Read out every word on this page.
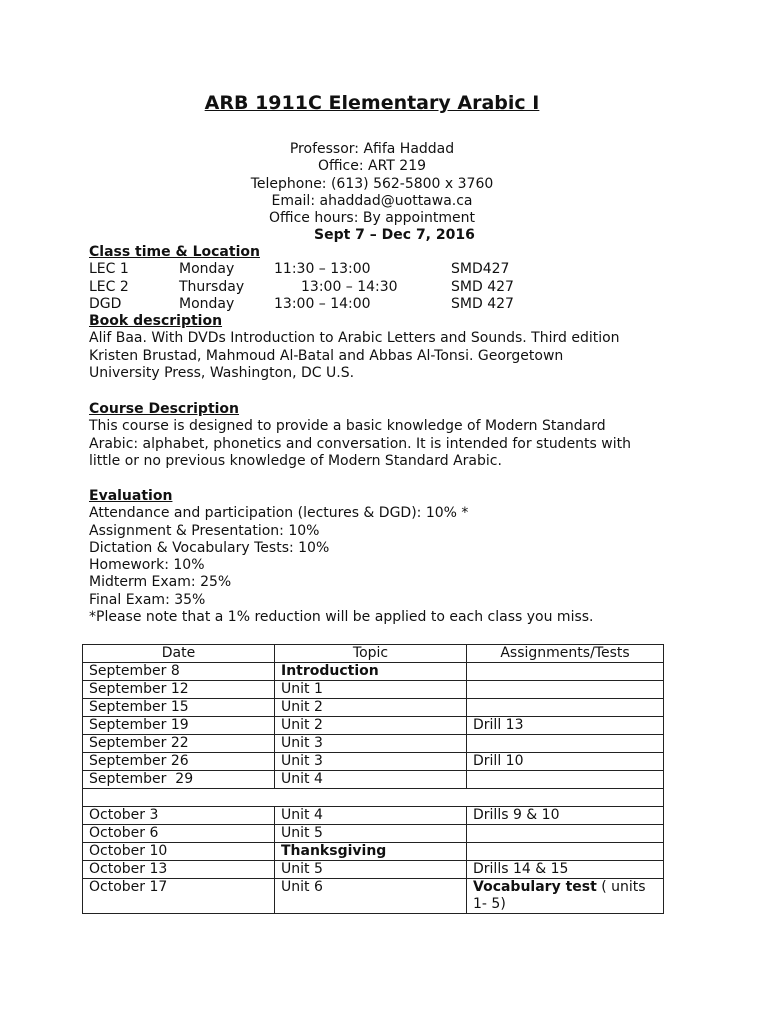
ARB 1911C Elementary Arabic I
Professor: Afifa Haddad
Office: ART 219
Telephone: (613) 562-5800 x 3760
Email: ahaddad@uottawa.ca
Office hours: By appointment
Sept 7 – Dec 7, 2016
Class time & Location
LEC 1	Monday	11:30 – 13:00	SMD427
LEC 2	Thursday	13:00 – 14:30	SMD 427
DGD	Monday	13:00 – 14:00	SMD 427
Book description
Alif Baa. With DVDs Introduction to Arabic Letters and Sounds. Third edition
Kristen Brustad, Mahmoud Al-Batal and Abbas Al-Tonsi. Georgetown
University Press, Washington, DC U.S.
Course Description
This course is designed to provide a basic knowledge of Modern Standard
Arabic: alphabet, phonetics and conversation. It is intended for students with
little or no previous knowledge of Modern Standard Arabic.
Evaluation
Attendance and participation (lectures & DGD): 10% *
Assignment & Presentation: 10%
Dictation & Vocabulary Tests: 10%
Homework: 10%
Midterm Exam: 25%
Final Exam: 35%
*Please note that a 1% reduction will be applied to each class you miss.
Date	Topic	Assignments/Tests
September 8	Introduction	
September 12	Unit 1	
September 15	Unit 2	
September 19	Unit 2	Drill 13
September 22	Unit 3	
September 26	Unit 3	Drill 10
September  29	Unit 4	

October 3	Unit 4	Drills 9 & 10
October 6	Unit 5	
October 10	Thanksgiving	
October 13	Unit 5	Drills 14 & 15
October 17	Unit 6	Vocabulary test ( units 1- 5)
